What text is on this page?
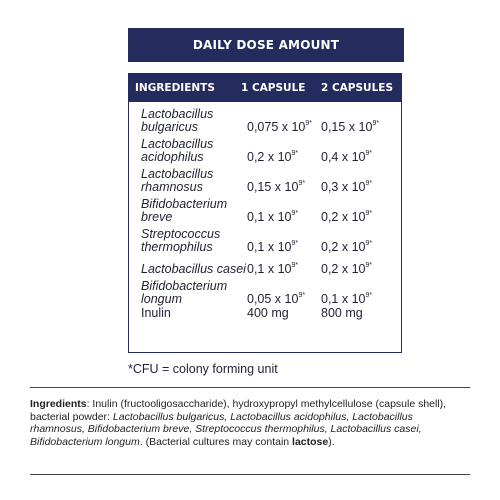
DAILY DOSE AMOUNT
INGREDIENTS	1 CAPSULE	2 CAPSULES
Lactobacillus bulgaricus	0,075 x $10^{9*}$ 0,15 x $10^{9*}$
Lactobacillus acidophilus	0,2 x $10^{9*}$	0,4 x $10^{9*}$
Lactobacillus rhamnosus	0,15 x $10^{9*}$	0,3 x $10^{9*}$
Bifidobacterium breve	0,1 x $10^{9*}$	0,2 x $10^{9*}$
Streptococcus thermophilus	0,1 x $10^{9*}$	0,2 x $10^{9*}$
Lactobacillus casei 0,1 x $10^{9*}$	0,2 x $10^{9*}$
Bifidobacterium longum	0,05 x $10^{9*}$	0,1 x $10^{9*}$
Inulin	400 mg	800 mg
*CFU = colony forming unit
Ingredients: Inulin (fructooligosaccharide), hydroxypropyl methylcellulose (capsule shell), bacterial powder: Lactobacillus bulgaricus, Lactobacillus acidophilus, Lactobacillus rhamnosus, Bifidobacterium breve, Streptococcus thermophilus, Lactobacillus casei, Bifidobacterium longum. (Bacterial cultures may contain lactose).
